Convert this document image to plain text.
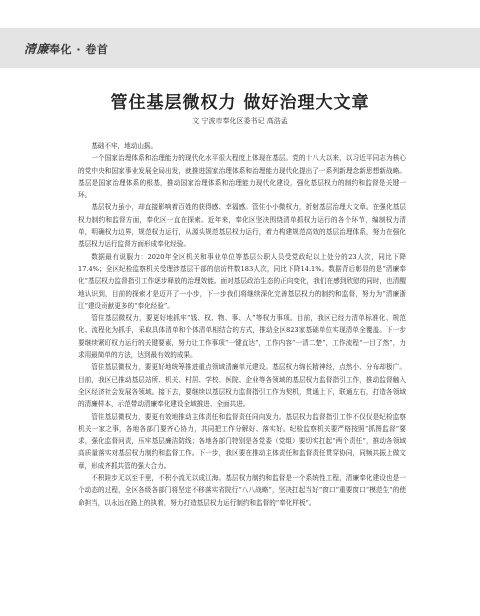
清廉奉化 · 卷首
管住基层微权力 做好治理大文章
文 宁波市奉化区委书记 高浩孟

基础不牢，地动山摇。

一个国家治理体系和治理能力的现代化水平很大程度上体现在基层。党的十八大以来，以习近平同志为核心的党中央和国家事业发展全局出发，就推进国家治理体系和治理能力现代化提出了一系列新理念新思想新战略。基层是国家治理体系的根基，推动国家治理体系和治理能力现代化建设，强化基层权力的制约和监督是关键一环。

基层权力虽小，却直接影响着百姓的获得感、幸福感。管住小小微权力，折射基层治理大文章。在强化基层权力制约和监督方面，奉化区一直在探索。近年来，奉化区坚决围绕清单抓权力运行的各个环节，编制权力清单，明确权力边界，规范权力运行，从源头规范基层权力运行，着力构建规范高效的基层治理体系，努力在强化基层权力运行监督方面形成奉化经验。

数据最有说服力：2020年全区机关和事业单位等基层公职人员受党政纪以上处分的23人次，同比下降17.4%；全区纪检监察机关受理涉基层干部的信访件数183人次，同比下降14.1%。数据背后彰显的是“清廉奉化”基层权力监督指引工作逐步释放的治理效能。面对基层政治生态的正向变化，我们在感到欣慰的同时，也清醒地认识到，目前的探索才是迈开了一小步，下一步我们将继续深化完善基层权力的制约和监督，努力为“清廉浙江”建设贡献更多的“奉化经验”。

管住基层微权力，要更好地抓牢“钱、权、物、事、人”等权力事项。目前，我区已经力清单标准化、规范化、流程化为抓手，采取具体清单和个体清单相结合的方式，推动全区823家基础单位实现清单全覆盖。下一步要继续紧盯权力运行的关键要素，努力让工作事项“一键直达”，工作内容“一清二楚”，工作流程“一目了然”，力求用最简单的方法，达到最有效的成果。

管住基层微权力，要更好地统筹推进重点领域清廉单元建设。基层权力绵长精神经，点然小、分布却极广。目前，我区已推动基层站所、机关、村居、学校、医院、企业等各领域的基层权力监督指引工作，推动监督触入全区经济社会发展各领域。接下去，要继续以基层权力监督指引工作为契机，贯通上下，联通左右，打造各领域的清廉样本，示范带动清廉奉化建设全域推进、全面共进。

管住基层微权力，要更有效地推动主体责任和监督责任同向发力。基层权力监督指引工作不仅仅是纪检监察机关一家之事，各地各部门要齐心协力，共同把工作分解好、落实好。纪检监察机关要严格按照“抓图监督”要求，强化监督问责，压牢基层廉洁防线；各地各部门特别是各党委（党组）要切实扛起“两个责任”，推动各领域高质量落实对基层权力制约和监督工作。下一步，我区要在推动主体责任和监督责任贯穿协同，同频共振上做文章，形成齐抓共管的强大合力。

不积跬步无以至千里，不积小流无以成江海。基层权力制约和监督是一个系统性工程，清廉奉化建设也是一个动态的过程，全区各级各部门将坚定不移落实省院行“八八战略”，坚决扛起当好“窗口”重要窗口“模范生”的使命担当，以永远在路上的执着，努力打造基层权力运行制约和监督的“奉化样板”。
